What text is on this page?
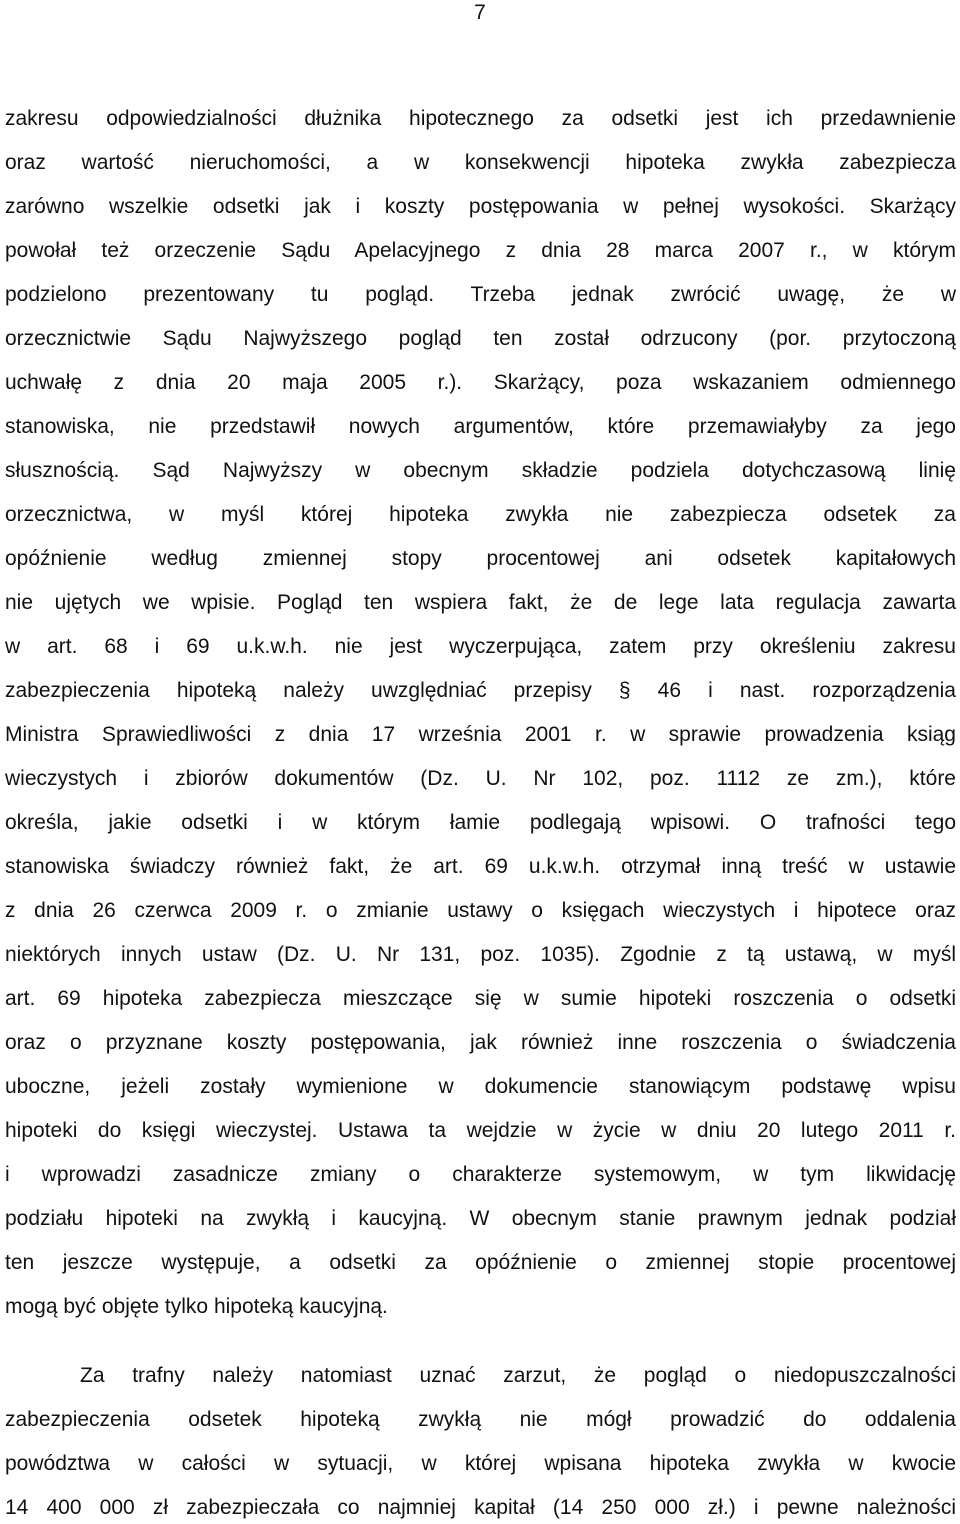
7
zakresu odpowiedzialności dłużnika hipotecznego za odsetki jest ich przedawnienie
oraz wartość nieruchomości, a w konsekwencji hipoteka zwykła zabezpiecza
zarówno wszelkie odsetki jak i koszty postępowania w pełnej wysokości. Skarżący
powołał też orzeczenie Sądu Apelacyjnego z dnia 28 marca 2007 r., w którym
podzielono prezentowany tu pogląd. Trzeba jednak zwrócić uwagę, że w
orzecznictwie Sądu Najwyższego pogląd ten został odrzucony (por. przytoczoną
uchwałę z dnia 20 maja 2005 r.). Skarżący, poza wskazaniem odmiennego
stanowiska, nie przedstawił nowych argumentów, które przemawiałyby za jego
słusznością. Sąd Najwyższy w obecnym składzie podziela dotychczasową linię
orzecznictwa, w myśl której hipoteka zwykła nie zabezpiecza odsetek za
opóźnienie według zmiennej stopy procentowej ani odsetek kapitałowych
nie ujętych we wpisie. Pogląd ten wspiera fakt, że de lege lata regulacja zawarta
w art. 68 i 69 u.k.w.h. nie jest wyczerpująca, zatem przy określeniu zakresu
zabezpieczenia hipoteką należy uwzględniać przepisy § 46 i nast. rozporządzenia
Ministra Sprawiedliwości z dnia 17 września 2001 r. w sprawie prowadzenia ksiąg
wieczystych i zbiorów dokumentów (Dz. U. Nr 102, poz. 1112 ze zm.), które
określa, jakie odsetki i w którym łamie podlegają wpisowi. O trafności tego
stanowiska świadczy również fakt, że art. 69 u.k.w.h. otrzymał inną treść w ustawie
z dnia 26 czerwca 2009 r. o zmianie ustawy o księgach wieczystych i hipotece oraz
niektórych innych ustaw (Dz. U. Nr 131, poz. 1035). Zgodnie z tą ustawą, w myśl
art. 69 hipoteka zabezpiecza mieszczące się w sumie hipoteki roszczenia o odsetki
oraz o przyznane koszty postępowania, jak również inne roszczenia o świadczenia
uboczne, jeżeli zostały wymienione w dokumencie stanowiącym podstawę wpisu
hipoteki do księgi wieczystej. Ustawa ta wejdzie w życie w dniu 20 lutego 2011 r.
i wprowadzi zasadnicze zmiany o charakterze systemowym, w tym likwidację
podziału hipoteki na zwykłą i kaucyjną. W obecnym stanie prawnym jednak podział
ten jeszcze występuje, a odsetki za opóźnienie o zmiennej stopie procentowej
mogą być objęte tylko hipoteką kaucyjną.
Za trafny należy natomiast uznać zarzut, że pogląd o niedopuszczalności
zabezpieczenia odsetek hipoteką zwykłą nie mógł prowadzić do oddalenia
powództwa w całości w sytuacji, w której wpisana hipoteka zwykła w kwocie
14 400 000 zł zabezpieczała co najmniej kapitał (14 250 000 zł.) i pewne należności
